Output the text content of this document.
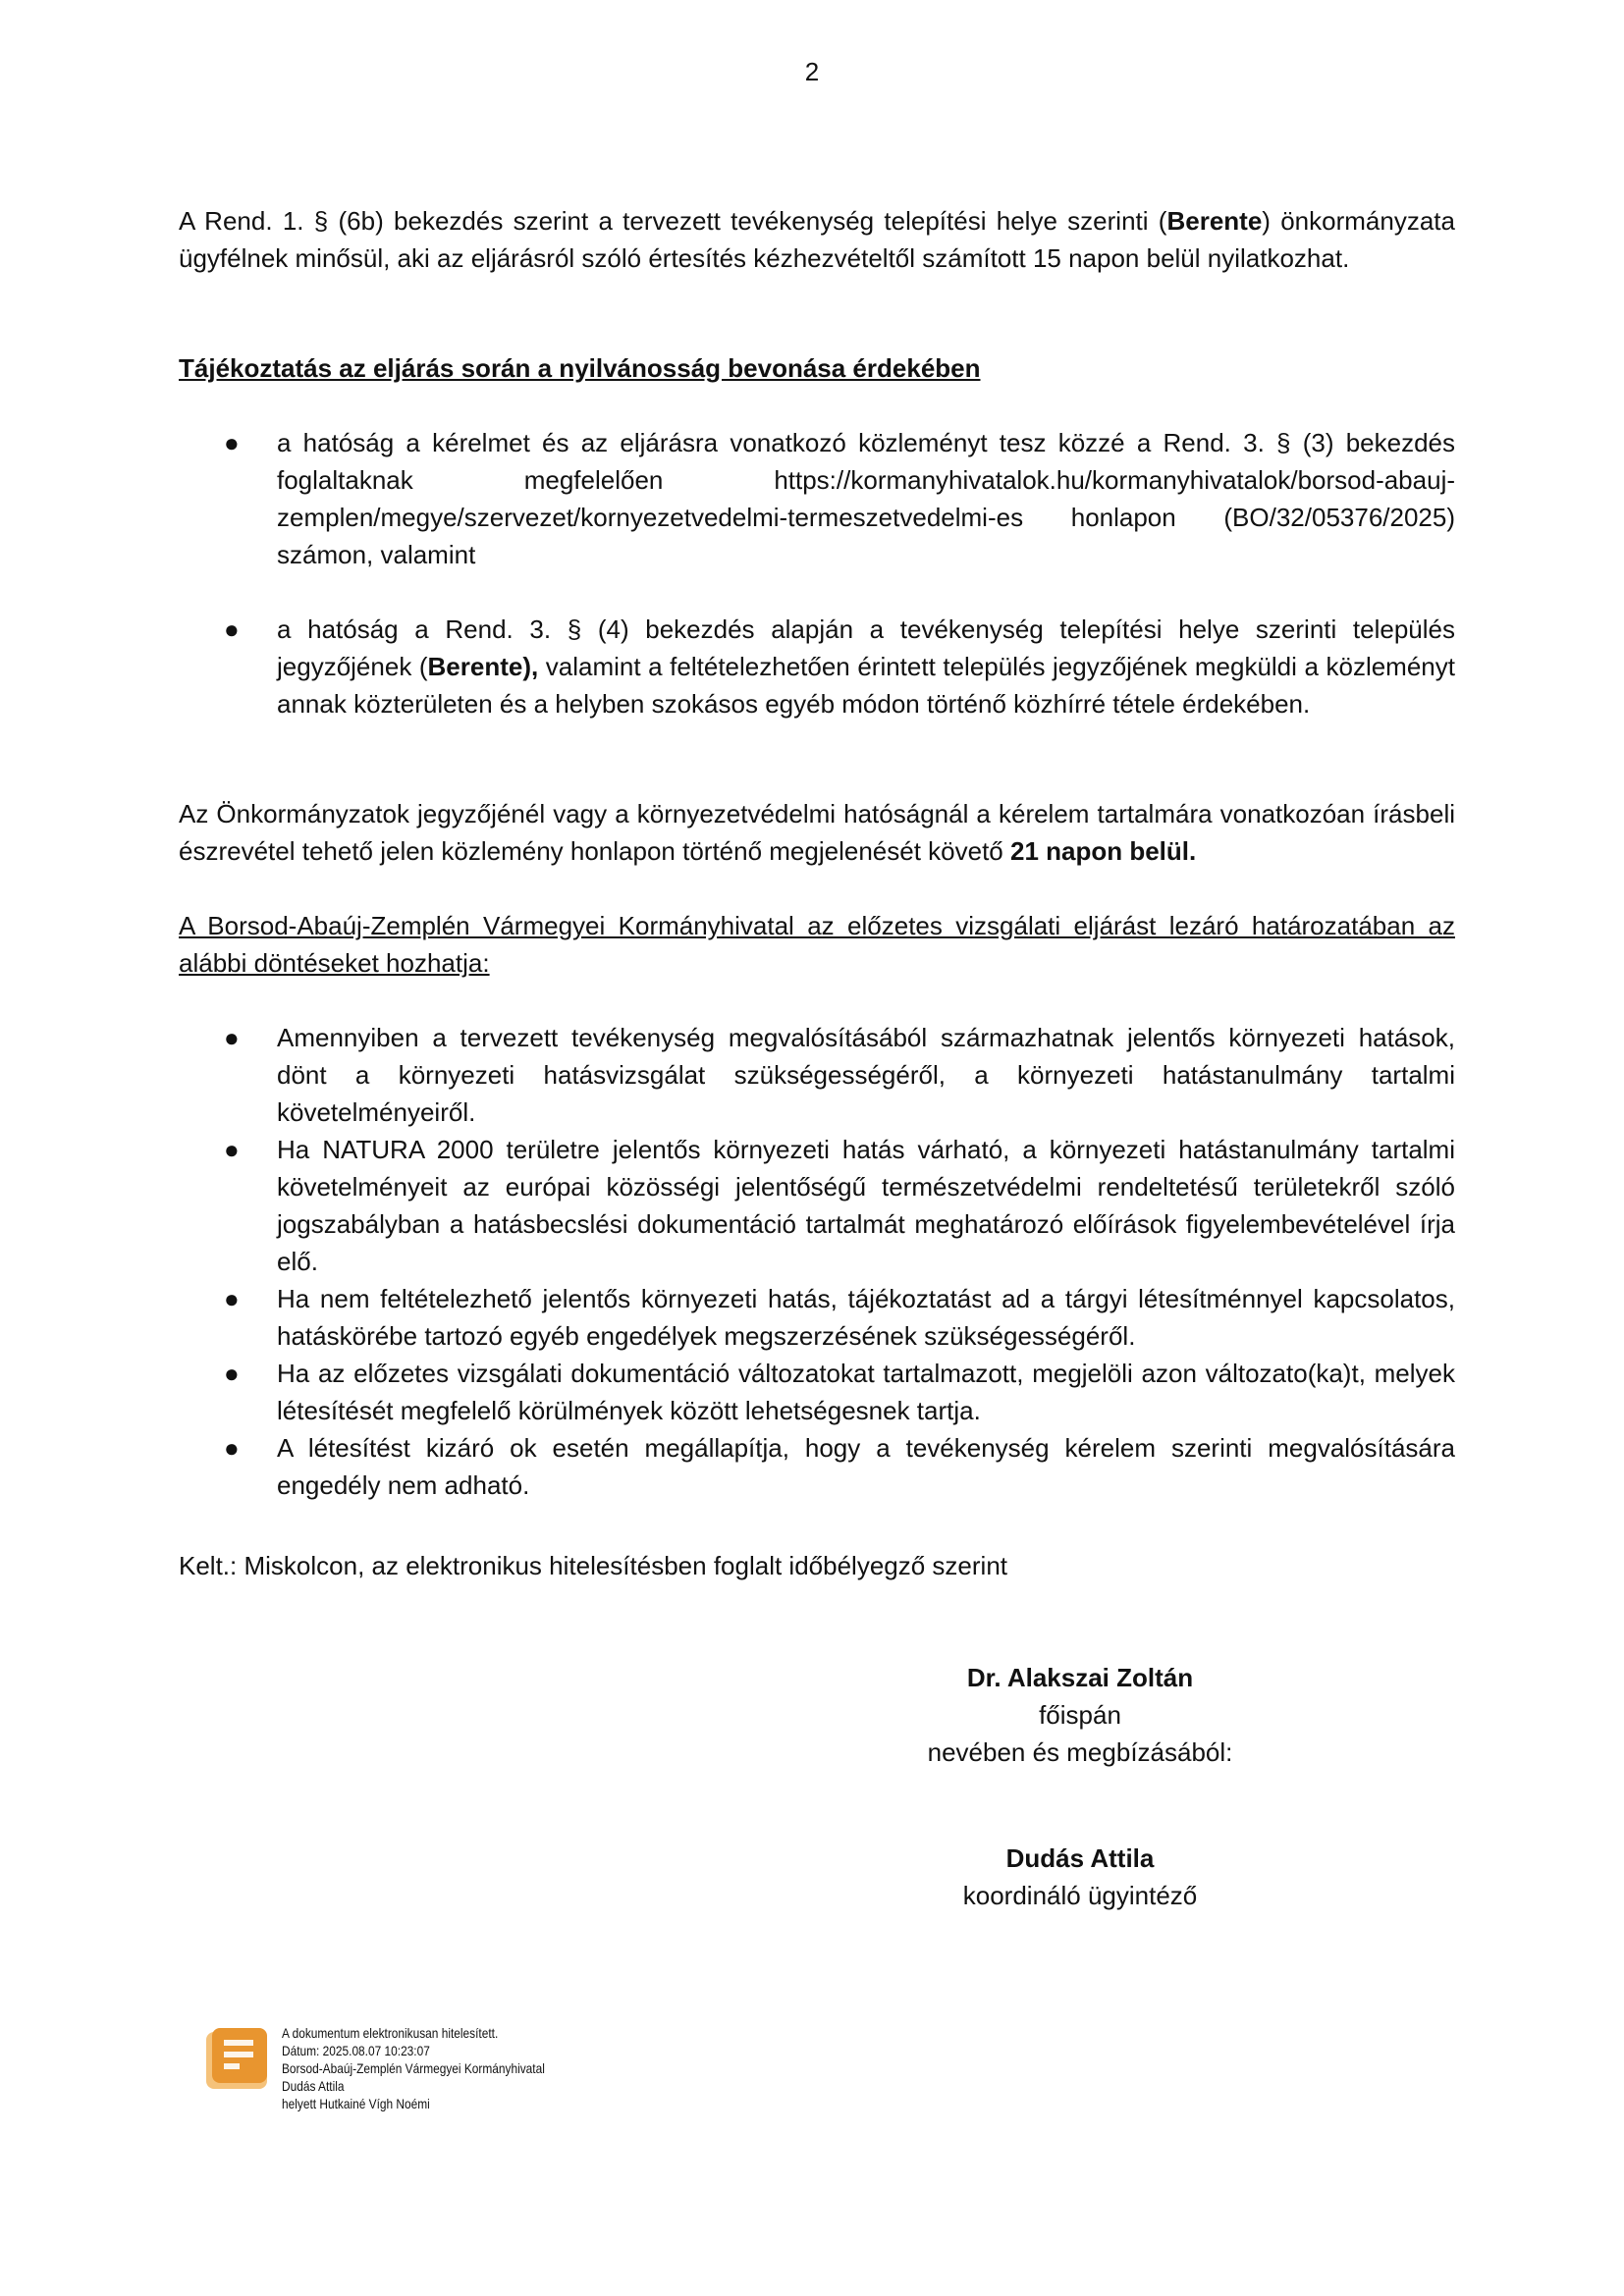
2

A Rend. 1. § (6b) bekezdés szerint a tervezett tevékenység telepítési helye szerinti (Berente) önkormányzata ügyfélnek minősül, aki az eljárásról szóló értesítés kézhezvételtől számított 15 napon belül nyilatkozhat.

Tájékoztatás az eljárás során a nyilvánosság bevonása érdekében

● a hatóság a kérelmet és az eljárásra vonatkozó közleményt tesz közzé a Rend. 3. § (3) bekezdés foglaltaknak megfelelően https://kormanyhivatalok.hu/kormanyhivatalok/borsod-abauj-zemplen/megye/szervezet/kornyezetvedelmi-termeszetvedelmi-es honlapon (BO/32/05376/2025) számon, valamint
● a hatóság a Rend. 3. § (4) bekezdés alapján a tevékenység telepítési helye szerinti település jegyzőjének (Berente), valamint a feltételezhetően érintett település jegyzőjének megküldi a közleményt annak közterületen és a helyben szokásos egyéb módon történő közhírré tétele érdekében.

Az Önkormányzatok jegyzőjénél vagy a környezetvédelmi hatóságnál a kérelem tartalmára vonatkozóan írásbeli észrevétel tehető jelen közlemény honlapon történő megjelenését követő 21 napon belül.

A Borsod-Abaúj-Zemplén Vármegyei Kormányhivatal az előzetes vizsgálati eljárást lezáró határozatában az alábbi döntéseket hozhatja:

● Amennyiben a tervezett tevékenység megvalósításából származhatnak jelentős környezeti hatások, dönt a környezeti hatásvizsgálat szükségességéről, a környezeti hatástanulmány tartalmi követelményeiről.
● Ha NATURA 2000 területre jelentős környezeti hatás várható, a környezeti hatástanulmány tartalmi követelményeit az európai közösségi jelentőségű természetvédelmi rendeltetésű területekről szóló jogszabályban a hatásbecslési dokumentáció tartalmát meghatározó előírások figyelembevételével írja elő.
● Ha nem feltételezhető jelentős környezeti hatás, tájékoztatást ad a tárgyi létesítménnyel kapcsolatos, hatáskörébe tartozó egyéb engedélyek megszerzésének szükségességéről.
● Ha az előzetes vizsgálati dokumentáció változatokat tartalmazott, megjelöli azon változato(ka)t, melyek létesítését megfelelő körülmények között lehetségesnek tartja.
● A létesítést kizáró ok esetén megállapítja, hogy a tevékenység kérelem szerinti megvalósítására engedély nem adható.

Kelt.: Miskolcon, az elektronikus hitelesítésben foglalt időbélyegző szerint

Dr. Alakszai Zoltán
főispán
nevében és megbízásából:
Dudás Attila
koordináló ügyintéző
A dokumentum elektronikusan hitelesített.
Dátum: 2025.08.07 10:23:07
Borsod-Abaúj-Zemplén Vármegyei Kormányhivatal
Dudás Attila
helyett Hutkainé Vígh Noémi
